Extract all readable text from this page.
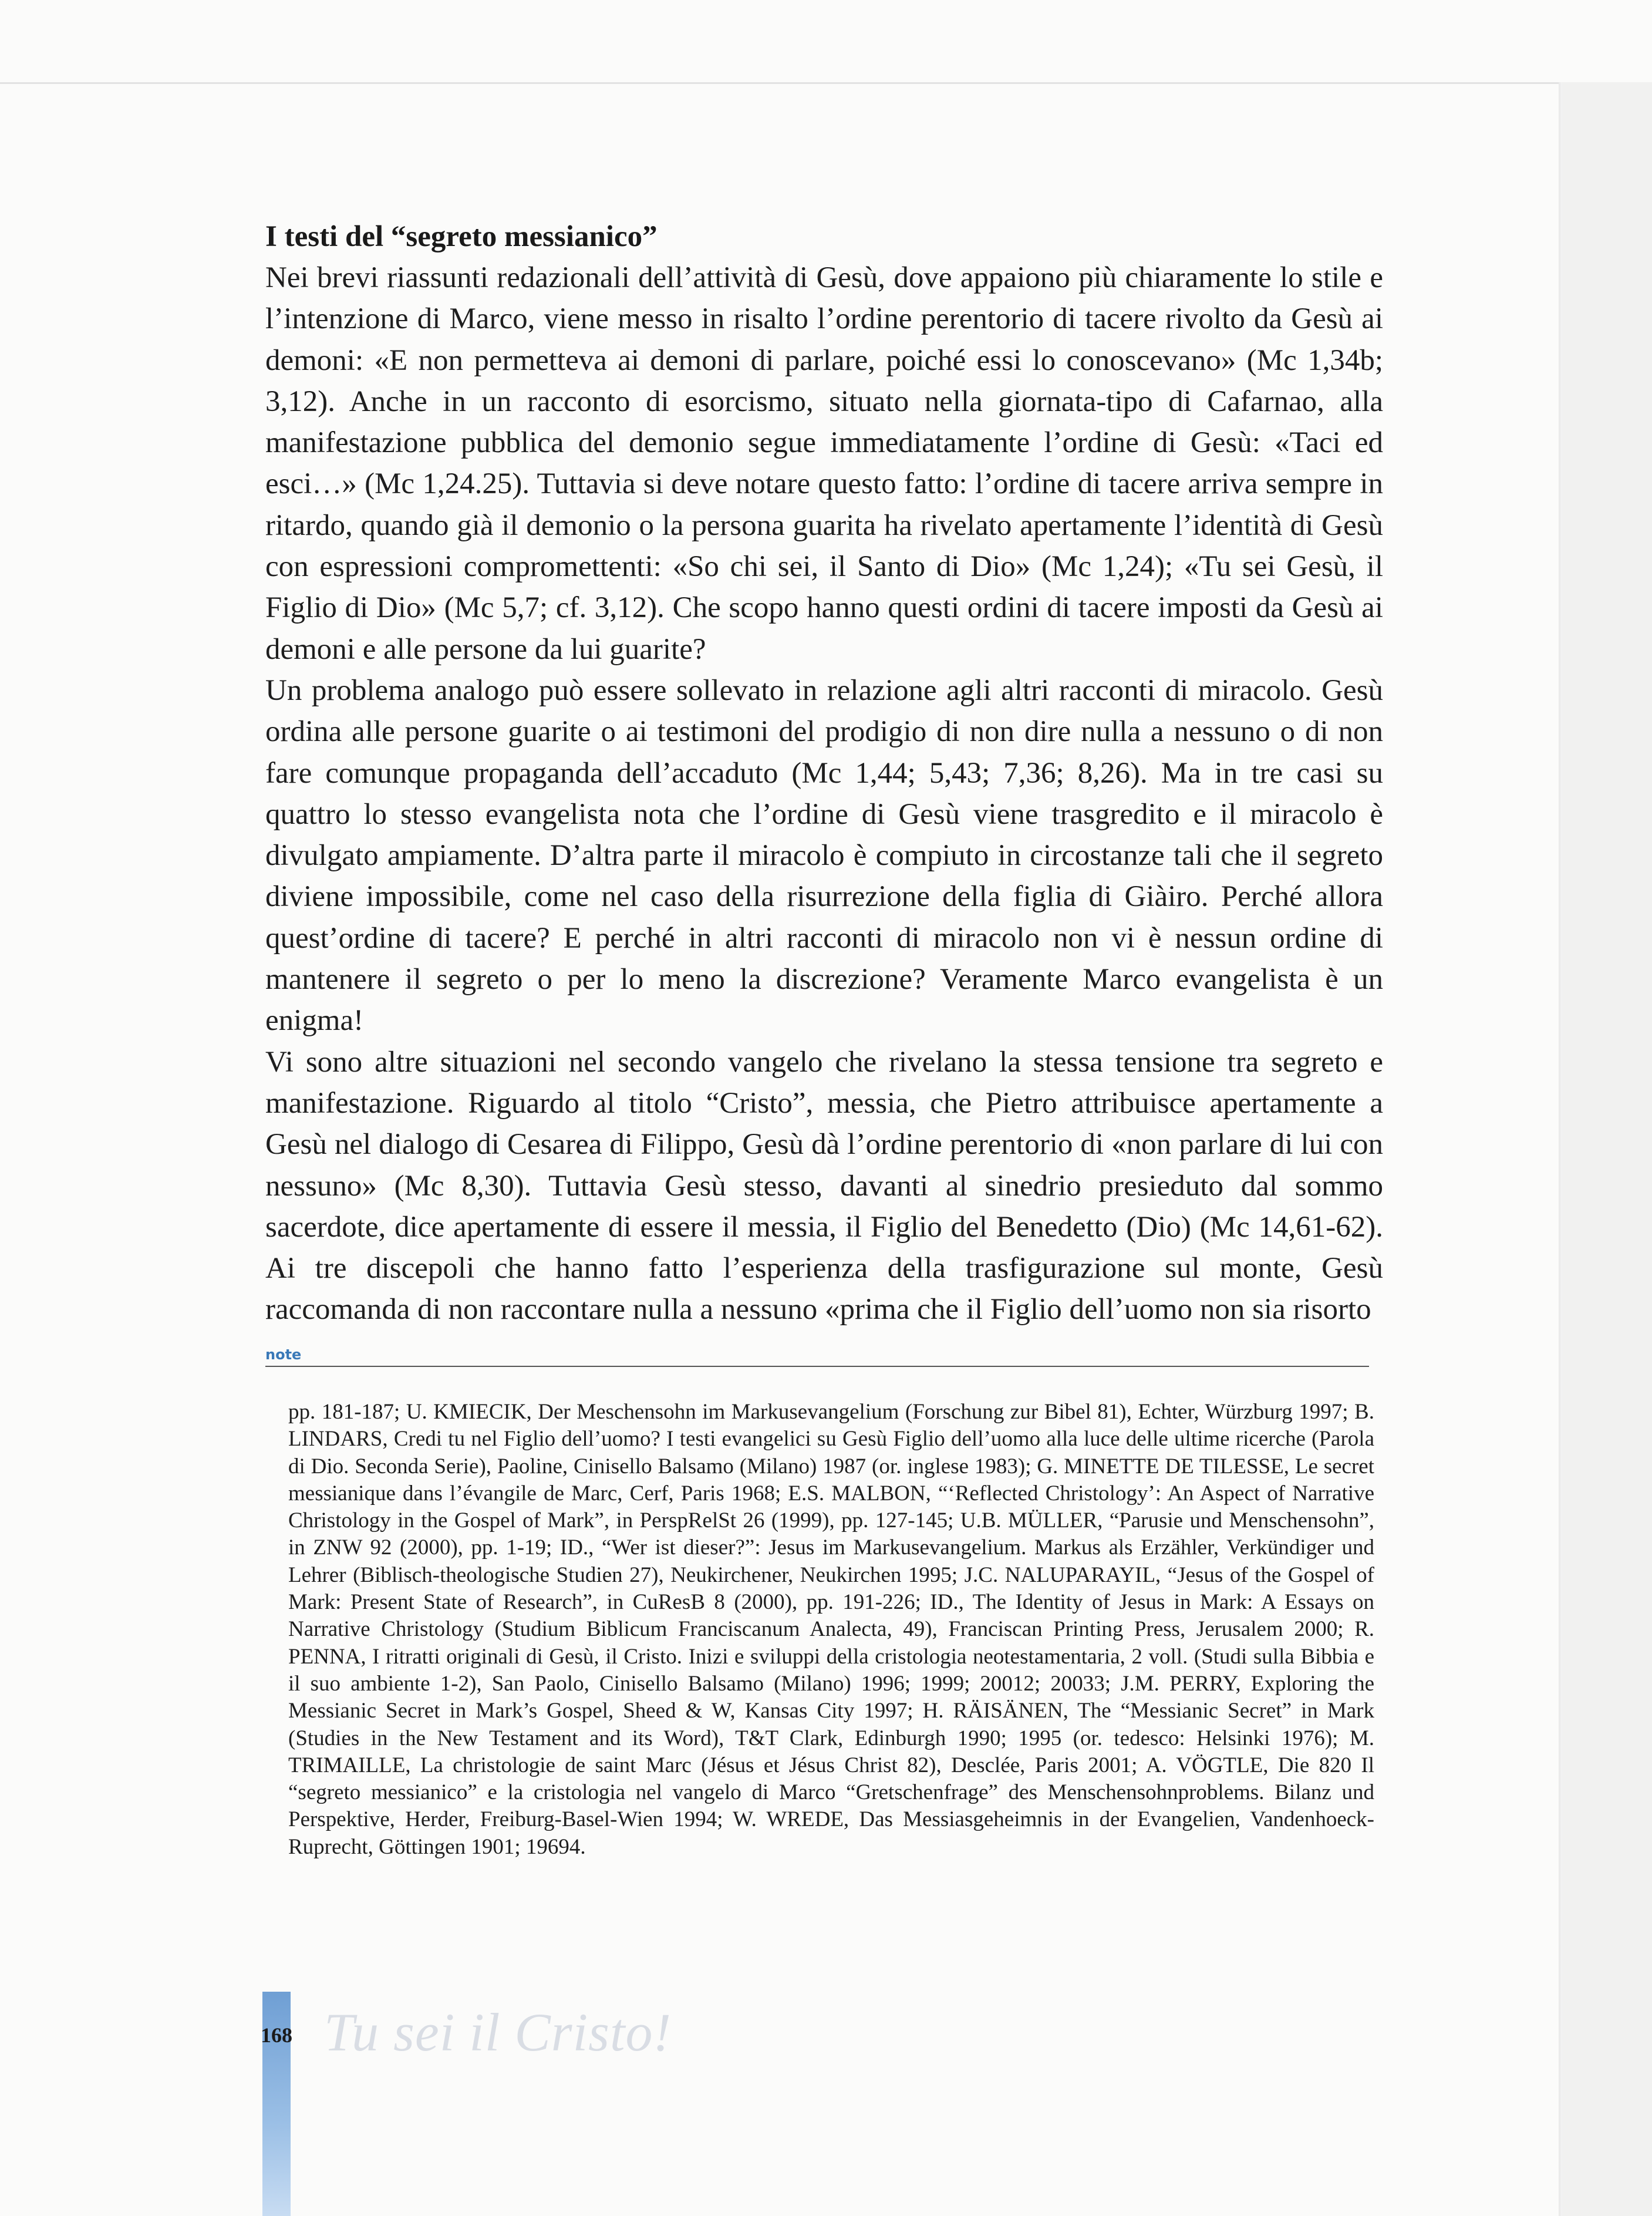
I testi del “segreto messianico”

Nei brevi riassunti redazionali dell’attività di Gesù, dove appaiono più chiaramente lo stile e l’intenzione di Marco, viene messo in risalto l’ordine perentorio di tacere rivolto da Gesù ai demoni: «E non permetteva ai demoni di parlare, poiché essi lo conoscevano» (Mc 1,34b; 3,12). Anche in un racconto di esorcismo, situato nella giornata-tipo di Cafarnao, alla manifestazione pubblica del demonio segue immediatamente l’ordine di Gesù: «Taci ed esci…» (Mc 1,24.25). Tuttavia si deve notare questo fatto: l’ordine di tacere arriva sempre in ritardo, quando già il demonio o la persona guarita ha rivelato apertamente l’identità di Gesù con espressioni compromettenti: «So chi sei, il Santo di Dio» (Mc 1,24); «Tu sei Gesù, il Figlio di Dio» (Mc 5,7; cf. 3,12). Che scopo hanno questi ordini di tacere imposti da Gesù ai demoni e alle persone da lui guarite?

Un problema analogo può essere sollevato in relazione agli altri racconti di miracolo. Gesù ordina alle persone guarite o ai testimoni del prodigio di non dire nulla a nessuno o di non fare comunque propaganda dell’accaduto (Mc 1,44; 5,43; 7,36; 8,26). Ma in tre casi su quattro lo stesso evangelista nota che l’ordine di Gesù viene trasgredito e il miracolo è divulgato ampiamente. D’altra parte il miracolo è compiuto in circostanze tali che il segreto diviene impossibile, come nel caso della risurrezione della figlia di Giàiro. Perché allora quest’ordine di tacere? E perché in altri racconti di miracolo non vi è nessun ordine di mantenere il segreto o per lo meno la discrezione? Veramente Marco evangelista è un enigma!

Vi sono altre situazioni nel secondo vangelo che rivelano la stessa tensione tra segreto e manifestazione. Riguardo al titolo “Cristo”, messia, che Pietro attribuisce apertamente a Gesù nel dialogo di Cesarea di Filippo, Gesù dà l’ordine perentorio di «non parlare di lui con nessuno» (Mc 8,30). Tuttavia Gesù stesso, davanti al sinedrio presieduto dal sommo sacerdote, dice apertamente di essere il messia, il Figlio del Benedetto (Dio) (Mc 14,61-62). Ai tre discepoli che hanno fatto l’esperienza della trasfigurazione sul monte, Gesù raccomanda di non raccontare nulla a nessuno «prima che il Figlio dell’uomo non sia risorto

note

pp. 181-187; U. KMIECIK, Der Meschensohn im Markusevangelium (Forschung zur Bibel 81), Echter, Würzburg 1997; B. LINDARS, Credi tu nel Figlio dell’uomo? I testi evangelici su Gesù Figlio dell’uomo alla luce delle ultime ricerche (Parola di Dio. Seconda Serie), Paoline, Cinisello Balsamo (Milano) 1987 (or. inglese 1983); G. MINETTE DE TILESSE, Le secret messianique dans l’évangile de Marc, Cerf, Paris 1968; E.S. MALBON, “‘Reflected Christology’: An Aspect of Narrative Christology in the Gospel of Mark”, in PerspRelSt 26 (1999), pp. 127-145; U.B. MÜLLER, “Parusie und Menschensohn”, in ZNW 92 (2000), pp. 1-19; ID., “Wer ist dieser?”: Jesus im Markusevangelium. Markus als Erzähler, Verkündiger und Lehrer (Biblisch-theologische Studien 27), Neukirchener, Neukirchen 1995; J.C. NALUPARAYIL, “Jesus of the Gospel of Mark: Present State of Research”, in CuResB 8 (2000), pp. 191-226; ID., The Identity of Jesus in Mark: A Essays on Narrative Christology (Studium Biblicum Franciscanum Analecta, 49), Franciscan Printing Press, Jerusalem 2000; R. PENNA, I ritratti originali di Gesù, il Cristo. Inizi e sviluppi della cristologia neotestamentaria, 2 voll. (Studi sulla Bibbia e il suo ambiente 1-2), San Paolo, Cinisello Balsamo (Milano) 1996; 1999; 20012; 20033; J.M. PERRY, Exploring the Messianic Secret in Mark’s Gospel, Sheed & W, Kansas City 1997; H. RÄISÄNEN, The “Messianic Secret” in Mark (Studies in the New Testament and its Word), T&T Clark, Edinburgh 1990; 1995 (or. tedesco: Helsinki 1976); M. TRIMAILLE, La christologie de saint Marc (Jésus et Jésus Christ 82), Desclée, Paris 2001; A. VÖGTLE, Die 820 Il “segreto messianico” e la cristologia nel vangelo di Marco “Gretschenfrage” des Menschensohnproblems. Bilanz und Perspektive, Herder, Freiburg-Basel-Wien 1994; W. WREDE, Das Messiasgeheimnis in der Evangelien, Vandenhoeck-Ruprecht, Göttingen 1901; 19694.

168 Tu sei il Cristo!
